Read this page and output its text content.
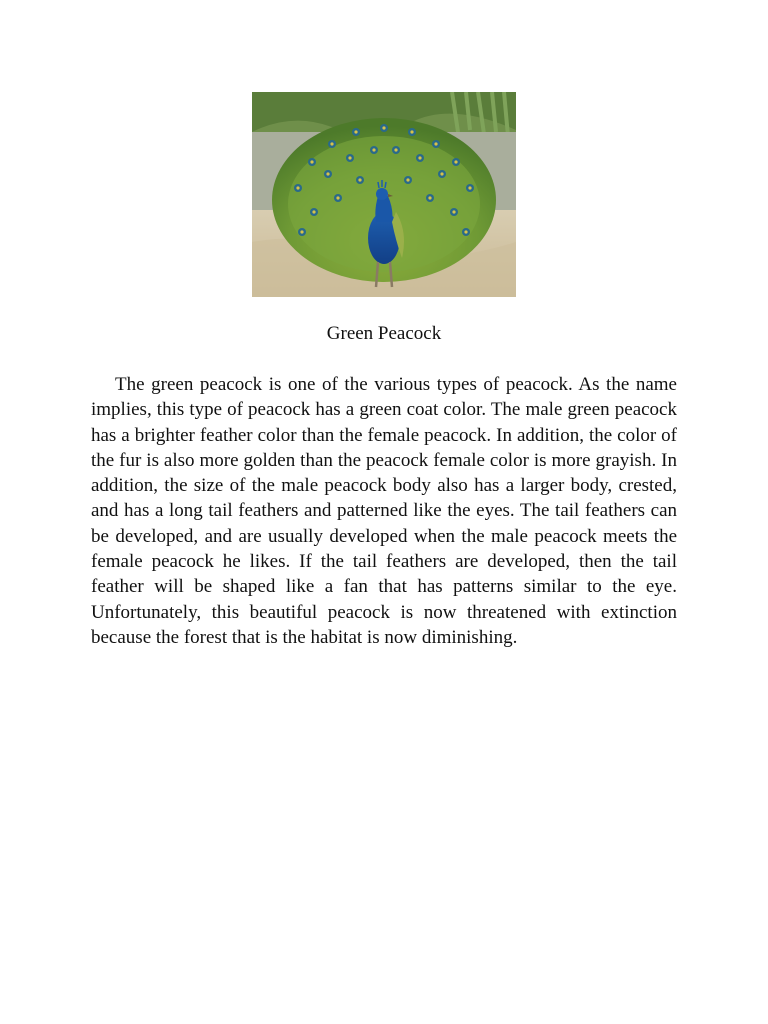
Green Peacock

The green peacock is one of the various types of peacock. As the name implies, this type of peacock has a green coat color. The male green peacock has a brighter feather color than the female peacock. In addition, the color of the fur is also more golden than the peacock female color is more grayish. In addition, the size of the male peacock body also has a larger body, crested, and has a long tail feathers and patterned like the eyes. The tail feathers can be developed, and are usually developed when the male peacock meets the female peacock he likes. If the tail feathers are developed, then the tail feather will be shaped like a fan that has patterns similar to the eye. Unfortunately, this beautiful peacock is now threatened with extinction because the forest that is the habitat is now diminishing.
